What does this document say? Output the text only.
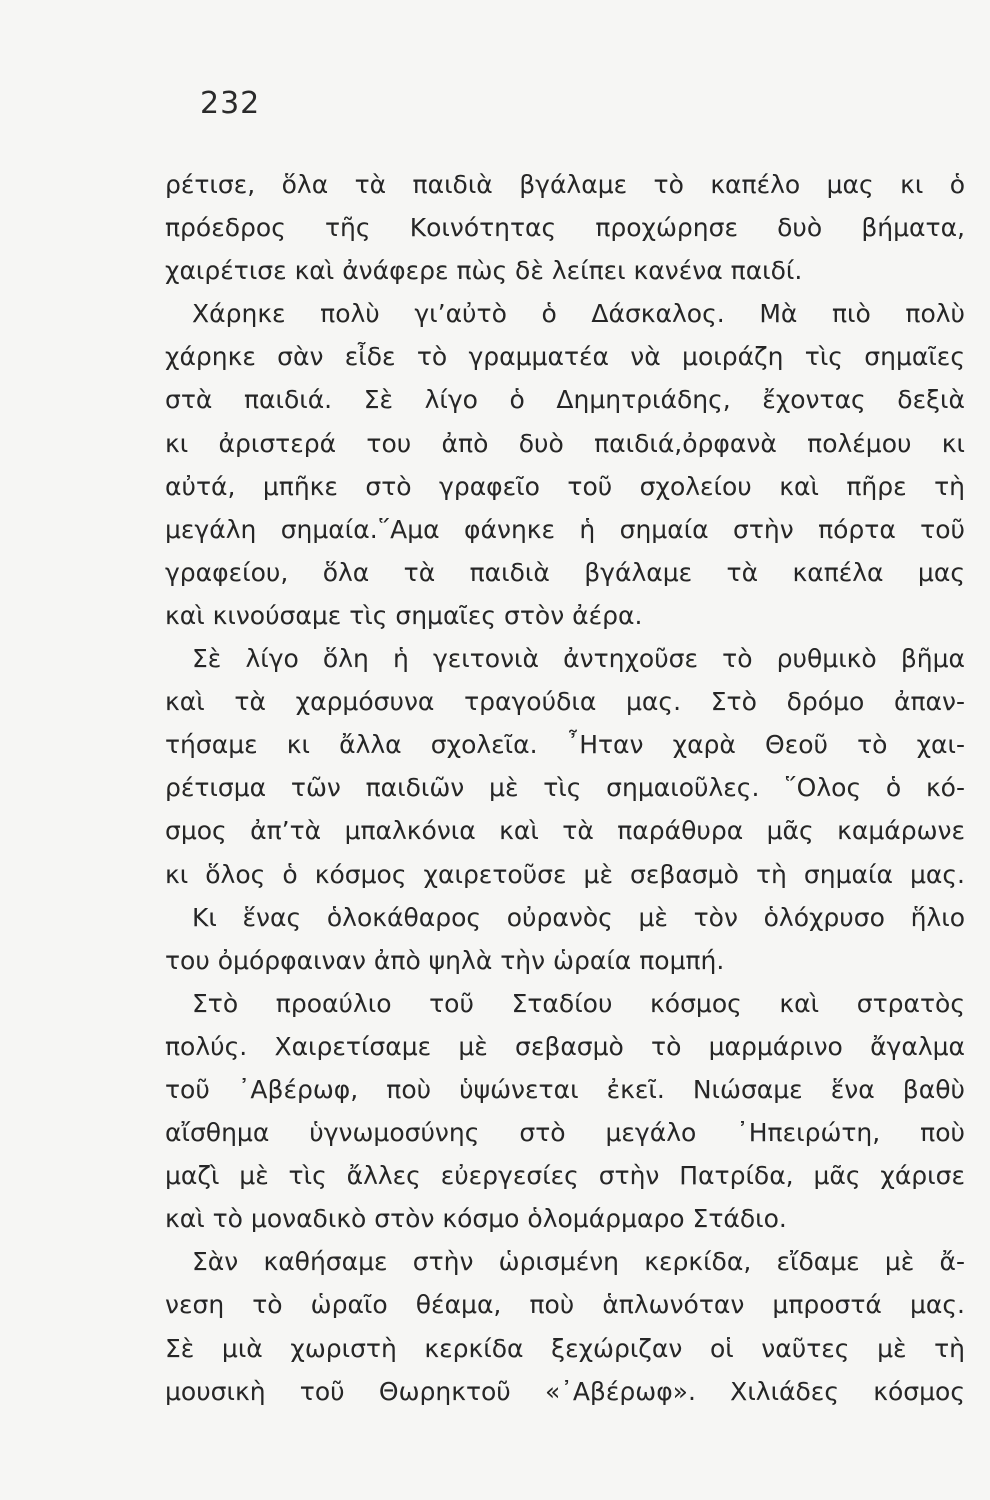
232
ρέτισε, ὅλα τὰ παιδιὰ βγάλαμε τὸ καπέλο μας κι ὁ
πρόεδρος τῆς Κοινότητας προχώρησε δυὸ βήματα,
χαιρέτισε καὶ ἀνάφερε πὼς δὲ λείπει κανένα παιδί.
Χάρηκε πολὺ γι’αὐτὸ ὁ Δάσκαλος. Μὰ πιὸ πολὺ
χάρηκε σὰν εἶδε τὸ γραμματέα νὰ μοιράζη τὶς σημαῖες
στὰ παιδιά. Σὲ λίγο ὁ Δημητριάδης, ἔχοντας δεξιὰ
κι ἀριστερά του ἀπὸ δυὸ παιδιά,ὀρφανὰ πολέμου κι
αὐτά, μπῆκε στὸ γραφεῖο τοῦ σχολείου καὶ πῆρε τὴ
μεγάλη σημαία.῞Αμα φάνηκε ἡ σημαία στὴν πόρτα τοῦ
γραφείου, ὅλα τὰ παιδιὰ βγάλαμε τὰ καπέλα μας
καὶ κινούσαμε τὶς σημαῖες στὸν ἀέρα.
Σὲ λίγο ὅλη ἡ γειτονιὰ ἀντηχοῦσε τὸ ρυθμικὸ βῆμα
καὶ τὰ χαρμόσυνα τραγούδια μας. Στὸ δρόμο ἀπαν-
τήσαμε κι ἄλλα σχολεῖα. ῏Ηταν χαρὰ Θεοῦ τὸ χαι-
ρέτισμα τῶν παιδιῶν μὲ τὶς σημαιοῦλες. ῞Ολος ὁ κό-
σμος ἀπ’τὰ μπαλκόνια καὶ τὰ παράθυρα μᾶς καμάρωνε
κι ὅλος ὁ κόσμος χαιρετοῦσε μὲ σεβασμὸ τὴ σημαία μας.
Κι ἕνας ὁλοκάθαρος οὐρανὸς μὲ τὸν ὁλόχρυσο ἥλιο
του ὀμόρφαιναν ἀπὸ ψηλὰ τὴν ὡραία πομπή.
Στὸ προαύλιο τοῦ Σταδίου κόσμος καὶ στρατὸς
πολύς. Χαιρετίσαμε μὲ σεβασμὸ τὸ μαρμάρινο ἄγαλμα
τοῦ ᾿Αβέρωφ, ποὺ ὑψώνεται ἐκεῖ. Νιώσαμε ἕνα βαθὺ
αἴσθημα ὑγνωμοσύνης στὸ μεγάλο ᾿Ηπειρώτη, ποὺ
μαζὶ μὲ τὶς ἄλλες εὐεργεσίες στὴν Πατρίδα, μᾶς χάρισε
καὶ τὸ μοναδικὸ στὸν κόσμο ὁλομάρμαρο Στάδιο.
Σὰν καθήσαμε στὴν ὡρισμένη κερκίδα, εἴδαμε μὲ ἄ-
νεση τὸ ὡραῖο θέαμα, ποὺ ἁπλωνόταν μπροστά μας.
Σὲ μιὰ χωριστὴ κερκίδα ξεχώριζαν οἱ ναῦτες μὲ τὴ
μουσικὴ τοῦ Θωρηκτοῦ «᾿Αβέρωφ». Χιλιάδες κόσμος
